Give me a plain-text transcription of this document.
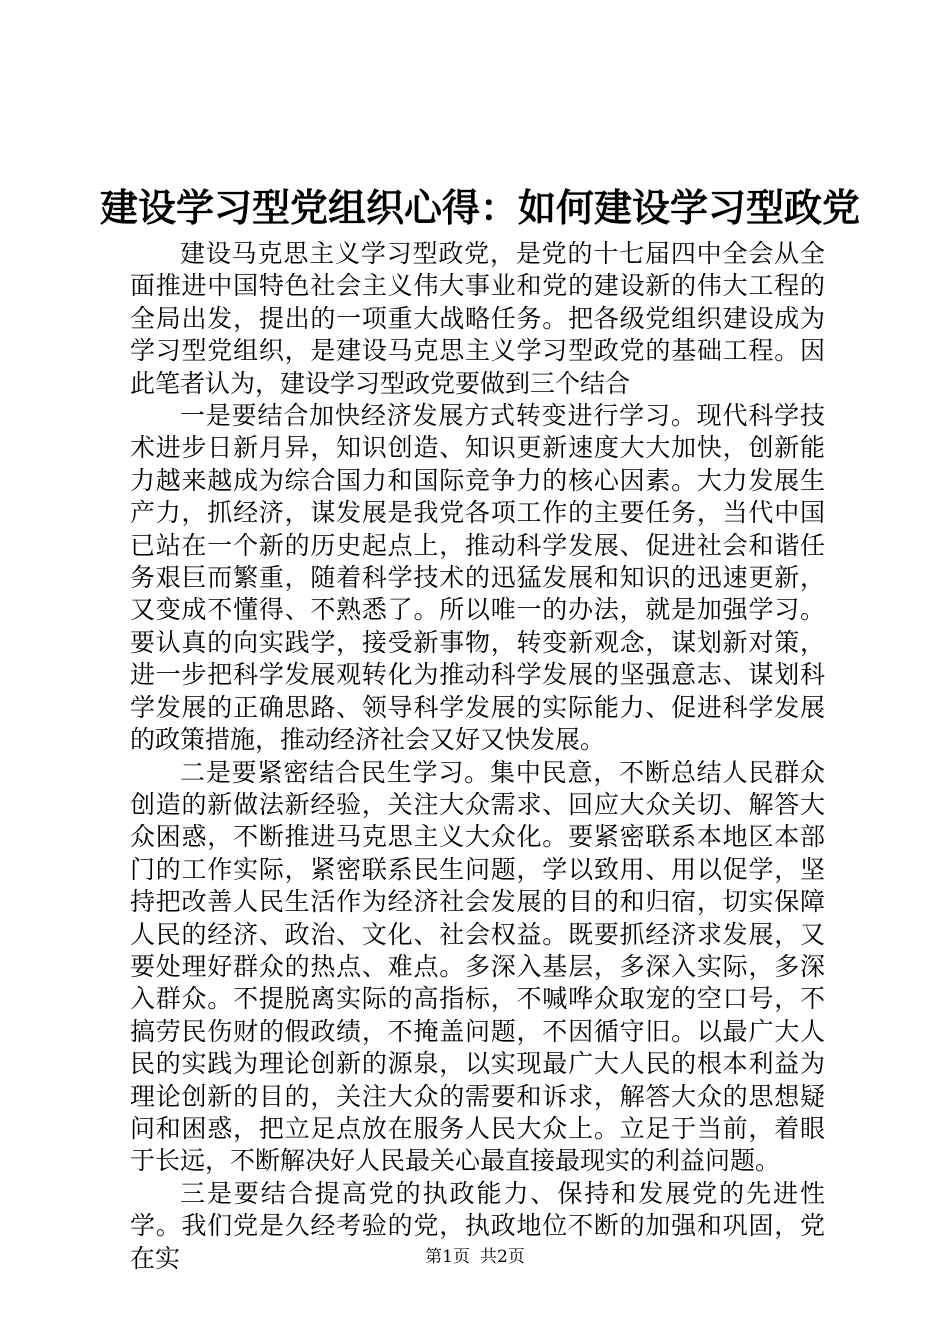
建设学习型党组织心得：如何建设学习型政党

建设马克思主义学习型政党，是党的十七届四中全会从全面推进中国特色社会主义伟大事业和党的建设新的伟大工程的全局出发，提出的一项重大战略任务。把各级党组织建设成为学习型党组织，是建设马克思主义学习型政党的基础工程。因此笔者认为，建设学习型政党要做到三个结合

一是要结合加快经济发展方式转变进行学习。现代科学技术进步日新月异，知识创造、知识更新速度大大加快，创新能力越来越成为综合国力和国际竞争力的核心因素。大力发展生产力，抓经济，谋发展是我党各项工作的主要任务，当代中国已站在一个新的历史起点上，推动科学发展、促进社会和谐任务艰巨而繁重，随着科学技术的迅猛发展和知识的迅速更新，又变成不懂得、不熟悉了。所以唯一的办法，就是加强学习。要认真的向实践学，接受新事物，转变新观念，谋划新对策，进一步把科学发展观转化为推动科学发展的坚强意志、谋划科学发展的正确思路、领导科学发展的实际能力、促进科学发展的政策措施，推动经济社会又好又快发展。

二是要紧密结合民生学习。集中民意，不断总结人民群众创造的新做法新经验，关注大众需求、回应大众关切、解答大众困惑，不断推进马克思主义大众化。要紧密联系本地区本部门的工作实际，紧密联系民生问题，学以致用、用以促学，坚持把改善人民生活作为经济社会发展的目的和归宿，切实保障人民的经济、政治、文化、社会权益。既要抓经济求发展，又要处理好群众的热点、难点。多深入基层，多深入实际，多深入群众。不提脱离实际的高指标，不喊哗众取宠的空口号，不搞劳民伤财的假政绩，不掩盖问题，不因循守旧。以最广大人民的实践为理论创新的源泉，以实现最广大人民的根本利益为理论创新的目的，关注大众的需要和诉求，解答大众的思想疑问和困惑，把立足点放在服务人民大众上。立足于当前，着眼于长远，不断解决好人民最关心最直接最现实的利益问题。

三是要结合提高党的执政能力、保持和发展党的先进性学。我们党是久经考验的党，执政地位不断的加强和巩固，党在实	第1页 共2页
